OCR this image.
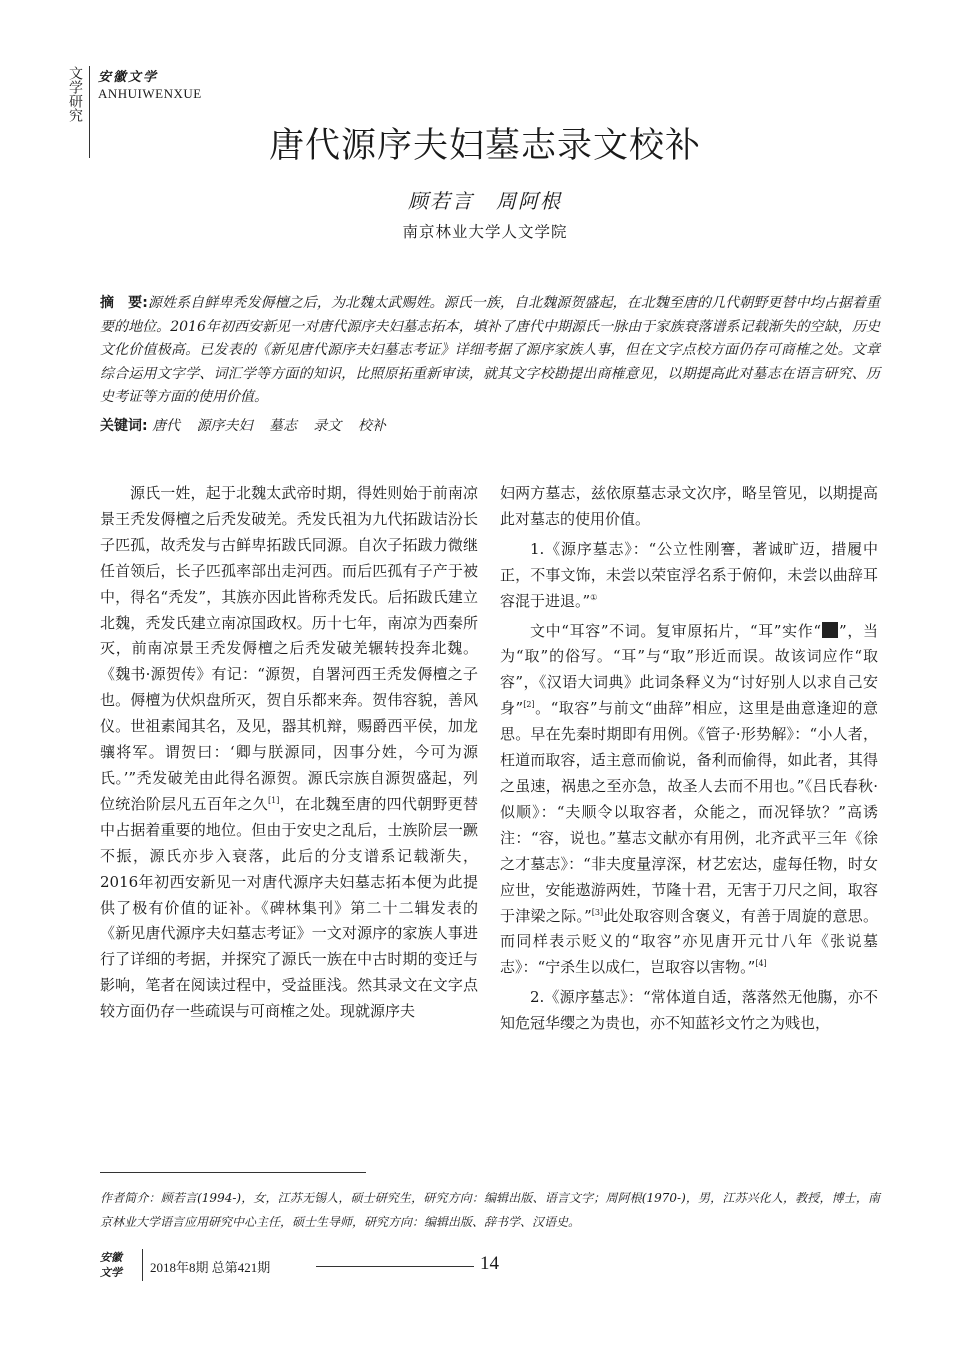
安徽文学
ANHUIWENXUE
文学研究
唐代源序夫妇墓志录文校补
顾若言　周阿根
南京林业大学人文学院
摘　要:源姓系自鲜卑秃发傉檀之后，为北魏太武赐姓。源氏一族，自北魏源贺盛起，在北魏至唐的几代朝野更替中均占据着重要的地位。2016年初西安新见一对唐代源序夫妇墓志拓本，填补了唐代中期源氏一脉由于家族衰落谱系记载渐失的空缺，历史文化价值极高。已发表的《新见唐代源序夫妇墓志考证》详细考据了源序家族人事，但在文字点校方面仍存可商榷之处。文章综合运用文字学、词汇学等方面的知识，比照原拓重新审读，就其文字校勘提出商榷意见，以期提高此对墓志在语言研究、历史考证等方面的使用价值。
关键词: 唐代 源序夫妇 墓志 录文 校补

源氏一姓，起于北魏太武帝时期，得姓则始于前南凉景王秃发傉檀之后秃发破羌。秃发氏祖为九代拓跋诘汾长子匹孤，故秃发与古鲜卑拓跋氏同源。自次子拓跋力微继任首领后，长子匹孤率部出走河西。而后匹孤有子产于被中，得名“秃发”，其族亦因此皆称秃发氏。后拓跋氏建立北魏，秃发氏建立南凉国政权。历十七年，南凉为西秦所灭，前南凉景王秃发傉檀之后秃发破羌辗转投奔北魏。《魏书·源贺传》有记：“源贺，自署河西王秃发傉檀之子也。傉檀为伏炽盘所灭，贺自乐都来奔。贺伟容貌，善风仪。世祖素闻其名，及见，器其机辩，赐爵西平侯，加龙骧将军。谓贺曰：‘卿与朕源同，因事分姓，今可为源氏。’”秃发破羌由此得名源贺。源氏宗族自源贺盛起，列位统治阶层凡五百年之久[1]，在北魏至唐的四代朝野更替中占据着重要的地位。但由于安史之乱后，士族阶层一蹶不振，源氏亦步入衰落，此后的分支谱系记载渐失，2016年初西安新见一对唐代源序夫妇墓志拓本便为此提供了极有价值的证补。《碑林集刊》第二十二辑发表的《新见唐代源序夫妇墓志考证》一文对源序的家族人事进行了详细的考据，并探究了源氏一族在中古时期的变迁与影响，笔者在阅读过程中，受益匪浅。然其录文在文字点较方面仍存一些疏误与可商榷之处。现就源序夫

妇两方墓志，兹依原墓志录文次序，略呈管见，以期提高此对墓志的使用价值。

1.《源序墓志》：“公立性刚謇，著诚旷迈，措履中正，不事文饰，未尝以荣宦浮名系于俯仰，未尝以曲辞耳容混于进退。”①

文中“耳容”不词。复审原拓片，“耳”实作“ ”，当为“取”的俗写。“耳”与“取”形近而误。故该词应作“取容”，《汉语大词典》此词条释义为“讨好别人以求自己安身”[2]。“取容”与前文“曲辞”相应，这里是曲意逢迎的意思。早在先秦时期即有用例。《管子·形势解》：“小人者，枉道而取容，适主意而偷说，备利而偷得，如此者，其得之虽速，祸患之至亦急，故圣人去而不用也。”《吕氏春秋·似顺》：“夫顺令以取容者，众能之，而况铎欤？”高诱注：“容，说也。”墓志文献亦有用例，北齐武平三年《徐之才墓志》：“非夫度量淳深，材艺宏达，虚每任物，时女应世，安能遨游两姓，节隆十君，无害于刀尺之间，取容于津梁之际。”[3]此处取容则含褒义，有善于周旋的意思。而同样表示贬义的“取容”亦见唐开元廿八年《张说墓志》：“宁杀生以成仁，岂取容以害物。”[4]

2.《源序墓志》：“常体道自适，落落然无他膓，亦不知危冠华缨之为贵也，亦不知蓝衫文竹之为贱也，

作者简介：顾若言(1994-)，女，江苏无锡人，硕士研究生，研究方向：编辑出版、语言文字；周阿根(1970-)，男，江苏兴化人，教授，博士，南京林业大学语言应用研究中心主任，硕士生导师，研究方向：编辑出版、辞书学、汉语史。
安徽
文学	2018年8期 总第421期	14
